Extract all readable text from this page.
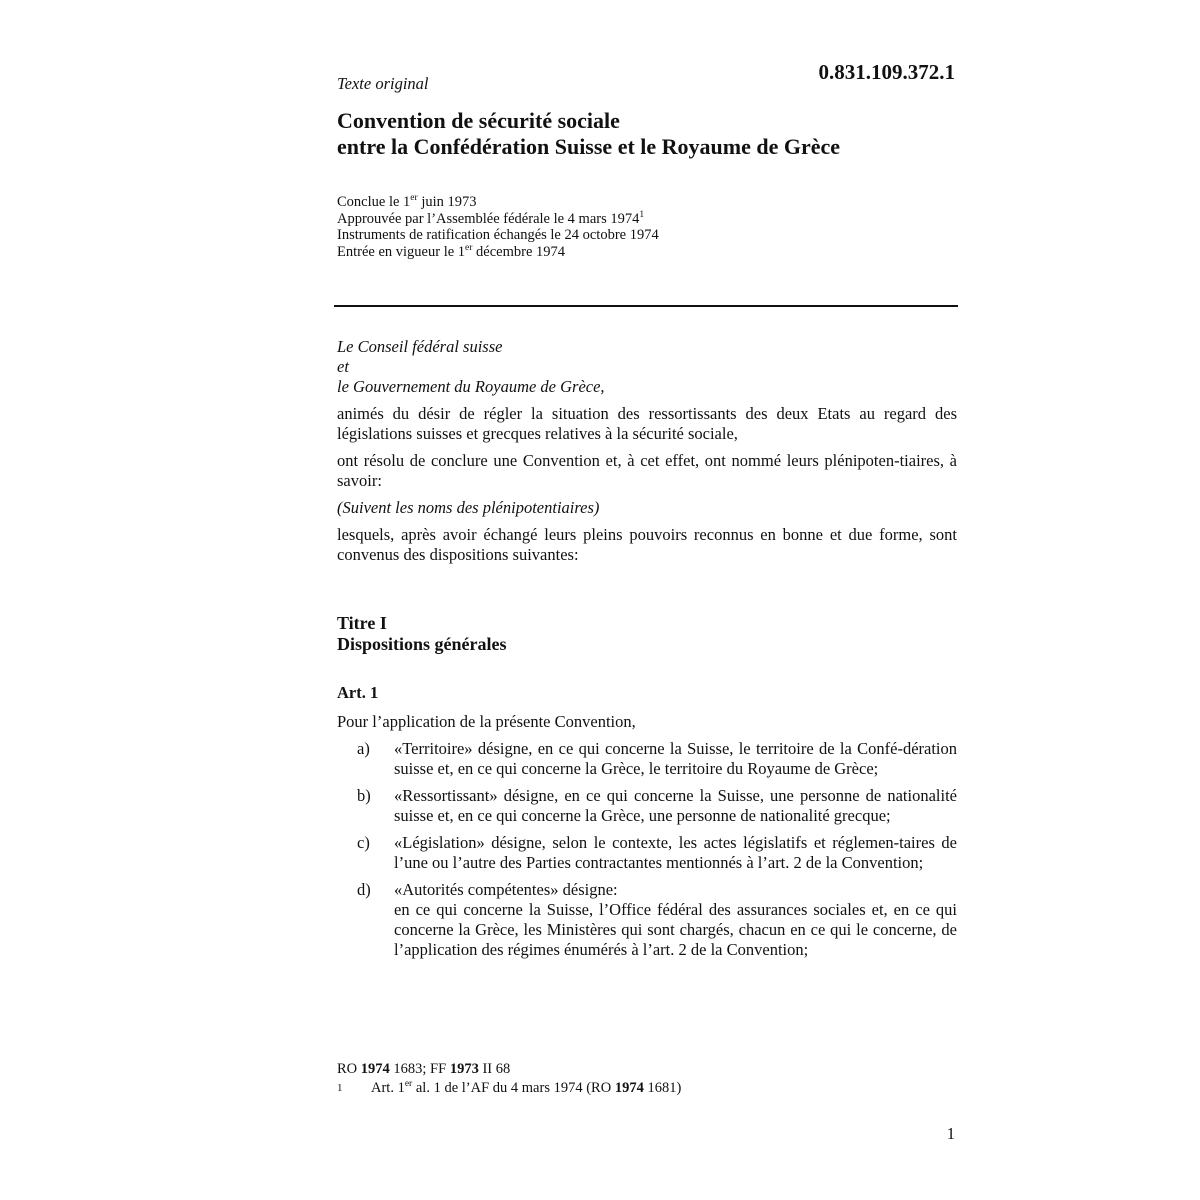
Texte original	0.831.109.372.1
Convention de sécurité sociale
entre la Confédération Suisse et le Royaume de Grèce
Conclue le 1er juin 1973
Approuvée par l’Assemblée fédérale le 4 mars 1974$^1$
Instruments de ratification échangés le 24 octobre 1974
Entrée en vigueur le 1er décembre 1974
Le Conseil fédéral suisse
et
le Gouvernement du Royaume de Grèce,
animés du désir de régler la situation des ressortissants des deux Etats au regard des législations suisses et grecques relatives à la sécurité sociale,
ont résolu de conclure une Convention et, à cet effet, ont nommé leurs plénipoten-tiaires, à savoir:
(Suivent les noms des plénipotentiaires)
lesquels, après avoir échangé leurs pleins pouvoirs reconnus en bonne et due forme, sont convenus des dispositions suivantes:
Titre I
Dispositions générales
Art. 1
Pour l’application de la présente Convention,
a)	«Territoire» désigne, en ce qui concerne la Suisse, le territoire de la Confé-dération suisse et, en ce qui concerne la Grèce, le territoire du Royaume de Grèce;
b)	«Ressortissant» désigne, en ce qui concerne la Suisse, une personne de nationalité suisse et, en ce qui concerne la Grèce, une personne de nationalité grecque;
c)	«Législation» désigne, selon le contexte, les actes législatifs et réglemen-taires de l’une ou l’autre des Parties contractantes mentionnés à l’art. 2 de la Convention;
d)	«Autorités compétentes» désigne:
en ce qui concerne la Suisse, l’Office fédéral des assurances sociales et, en ce qui concerne la Grèce, les Ministères qui sont chargés, chacun en ce qui le concerne, de l’application des régimes énumérés à l’art. 2 de la Convention;
RO 1974 1683; FF 1973 II 68
1	Art. 1er al. 1 de l’AF du 4 mars 1974 (RO 1974 1681)
1
